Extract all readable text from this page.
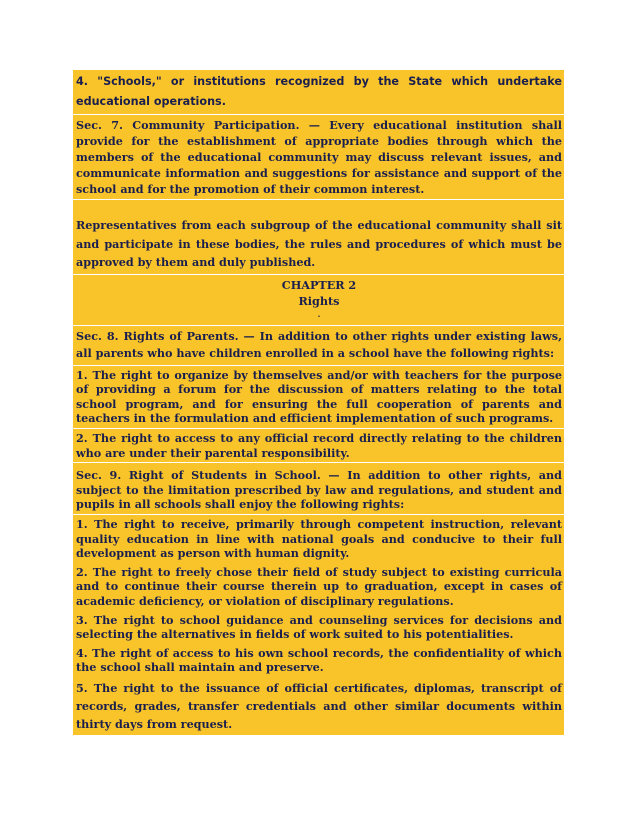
4. "Schools," or institutions recognized by the State which undertake educational operations.
Sec. 7. Community Participation. — Every educational institution shall provide for the establishment of appropriate bodies through which the members of the educational community may discuss relevant issues, and communicate information and suggestions for assistance and support of the school and for the promotion of their common interest.
Representatives from each subgroup of the educational community shall sit and participate in these bodies, the rules and procedures of which must be approved by them and duly published.
CHAPTER 2
Rights
·
Sec. 8. Rights of Parents. — In addition to other rights under existing laws, all parents who have children enrolled in a school have the following rights:
1. The right to organize by themselves and/or with teachers for the purpose of providing a forum for the discussion of matters relating to the total school program, and for ensuring the full cooperation of parents and teachers in the formulation and efficient implementation of such programs.
2. The right to access to any official record directly relating to the children who are under their parental responsibility.
Sec. 9. Right of Students in School. — In addition to other rights, and subject to the limitation prescribed by law and regulations, and student and pupils in all schools shall enjoy the following rights:
1. The right to receive, primarily through competent instruction, relevant quality education in line with national goals and conducive to their full development as person with human dignity.
2. The right to freely chose their field of study subject to existing curricula and to continue their course therein up to graduation, except in cases of academic deficiency, or violation of disciplinary regulations.
3. The right to school guidance and counseling services for decisions and selecting the alternatives in fields of work suited to his potentialities.
4. The right of access to his own school records, the confidentiality of which the school shall maintain and preserve.
5. The right to the issuance of official certificates, diplomas, transcript of records, grades, transfer credentials and other similar documents within thirty days from request.
